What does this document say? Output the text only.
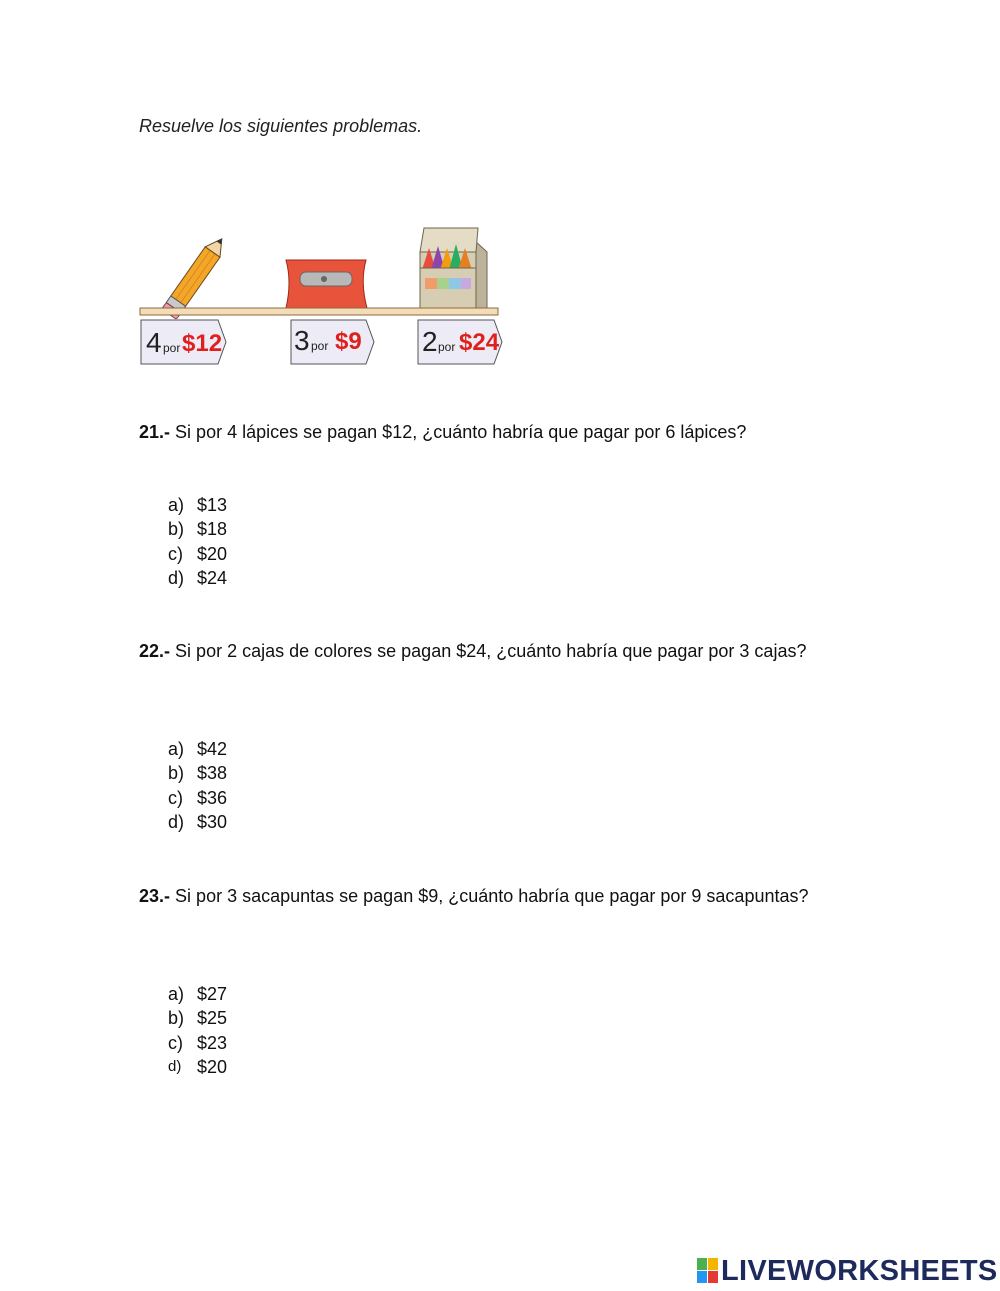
Resuelve los siguientes problemas.
4 por $12	3 por $9 2 por $24
21.- Si por 4 lápices se pagan $12, ¿cuánto habría que pagar por 6 lápices?
a) $13
b) $18
c) $20
d) $24
22.- Si por 2 cajas de colores se pagan $24, ¿cuánto habría que pagar por 3 cajas?
a) $42
b) $38
c) $36
d) $30
23.- Si por 3 sacapuntas se pagan $9, ¿cuánto habría que pagar por 9 sacapuntas?
a) $27
b) $25
c) $23
d) $20
LIVEWORKSHEETS
